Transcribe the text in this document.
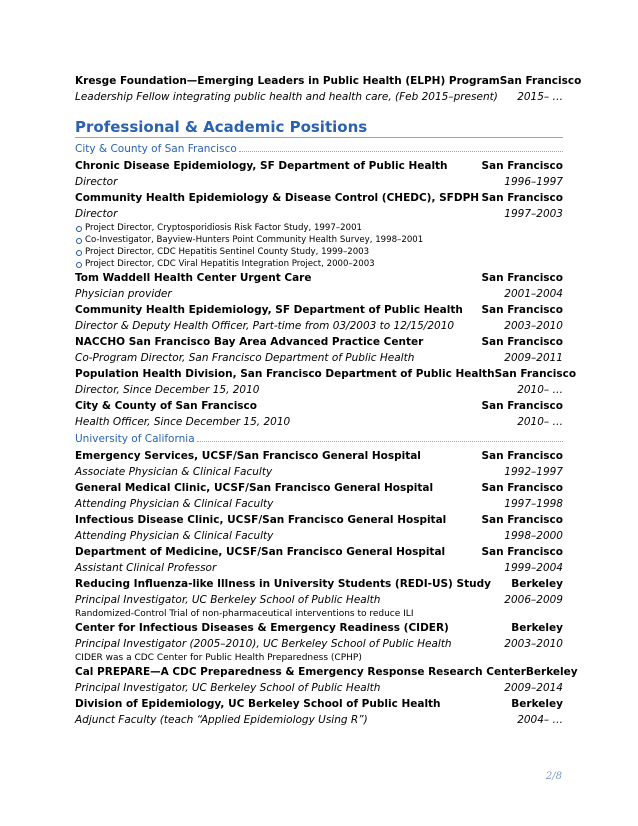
Kresge Foundation—Emerging Leaders in Public Health (ELPH) Program San Francisco
Leadership Fellow integrating public health and health care, (Feb 2015–present) 2015– …
Professional & Academic Positions
City & County of San Francisco
Chronic Disease Epidemiology, SF Department of Public Health	San Francisco
Director	1996–1997
Community Health Epidemiology & Disease Control (CHEDC), SFDPH San Francisco
Director	1997–2003
Project Director, Cryptosporidiosis Risk Factor Study, 1997–2001
Co-Investigator, Bayview-Hunters Point Community Health Survey, 1998–2001
Project Director, CDC Hepatitis Sentinel County Study, 1999–2003
Project Director, CDC Viral Hepatitis Integration Project, 2000–2003
Tom Waddell Health Center Urgent Care	San Francisco
Physician provider	2001–2004
Community Health Epidemiology, SF Department of Public Health San Francisco
Director & Deputy Health Officer, Part-time from 03/2003 to 12/15/2010	2003–2010
NACCHO San Francisco Bay Area Advanced Practice Center	San Francisco
Co-Program Director, San Francisco Department of Public Health	2009–2011
Population Health Division, San Francisco Department of Public Health San Francisco
Director, Since December 15, 2010	2010– …
City & County of San Francisco	San Francisco
Health Officer, Since December 15, 2010	2010– …
University of California
Emergency Services, UCSF/San Francisco General Hospital	San Francisco
Associate Physician & Clinical Faculty	1992–1997
General Medical Clinic, UCSF/San Francisco General Hospital	San Francisco
Attending Physician & Clinical Faculty	1997–1998
Infectious Disease Clinic, UCSF/San Francisco General Hospital	San Francisco
Attending Physician & Clinical Faculty	1998–2000
Department of Medicine, UCSF/San Francisco General Hospital	San Francisco
Assistant Clinical Professor	1999–2004
Reducing Influenza-like Illness in University Students (REDI-US) Study Berkeley
Principal Investigator, UC Berkeley School of Public Health	2006–2009
Randomized-Control Trial of non-pharmaceutical interventions to reduce ILI
Center for Infectious Diseases & Emergency Readiness (CIDER)	Berkeley
Principal Investigator (2005–2010), UC Berkeley School of Public Health	2003–2010
CIDER was a CDC Center for Public Health Preparedness (CPHP)
Cal PREPARE—A CDC Preparedness & Emergency Response Research Center Berkeley
Principal Investigator, UC Berkeley School of Public Health	2009–2014
Division of Epidemiology, UC Berkeley School of Public Health	Berkeley
Adjunct Faculty (teach “Applied Epidemiology Using R”)	2004– …
2/8
